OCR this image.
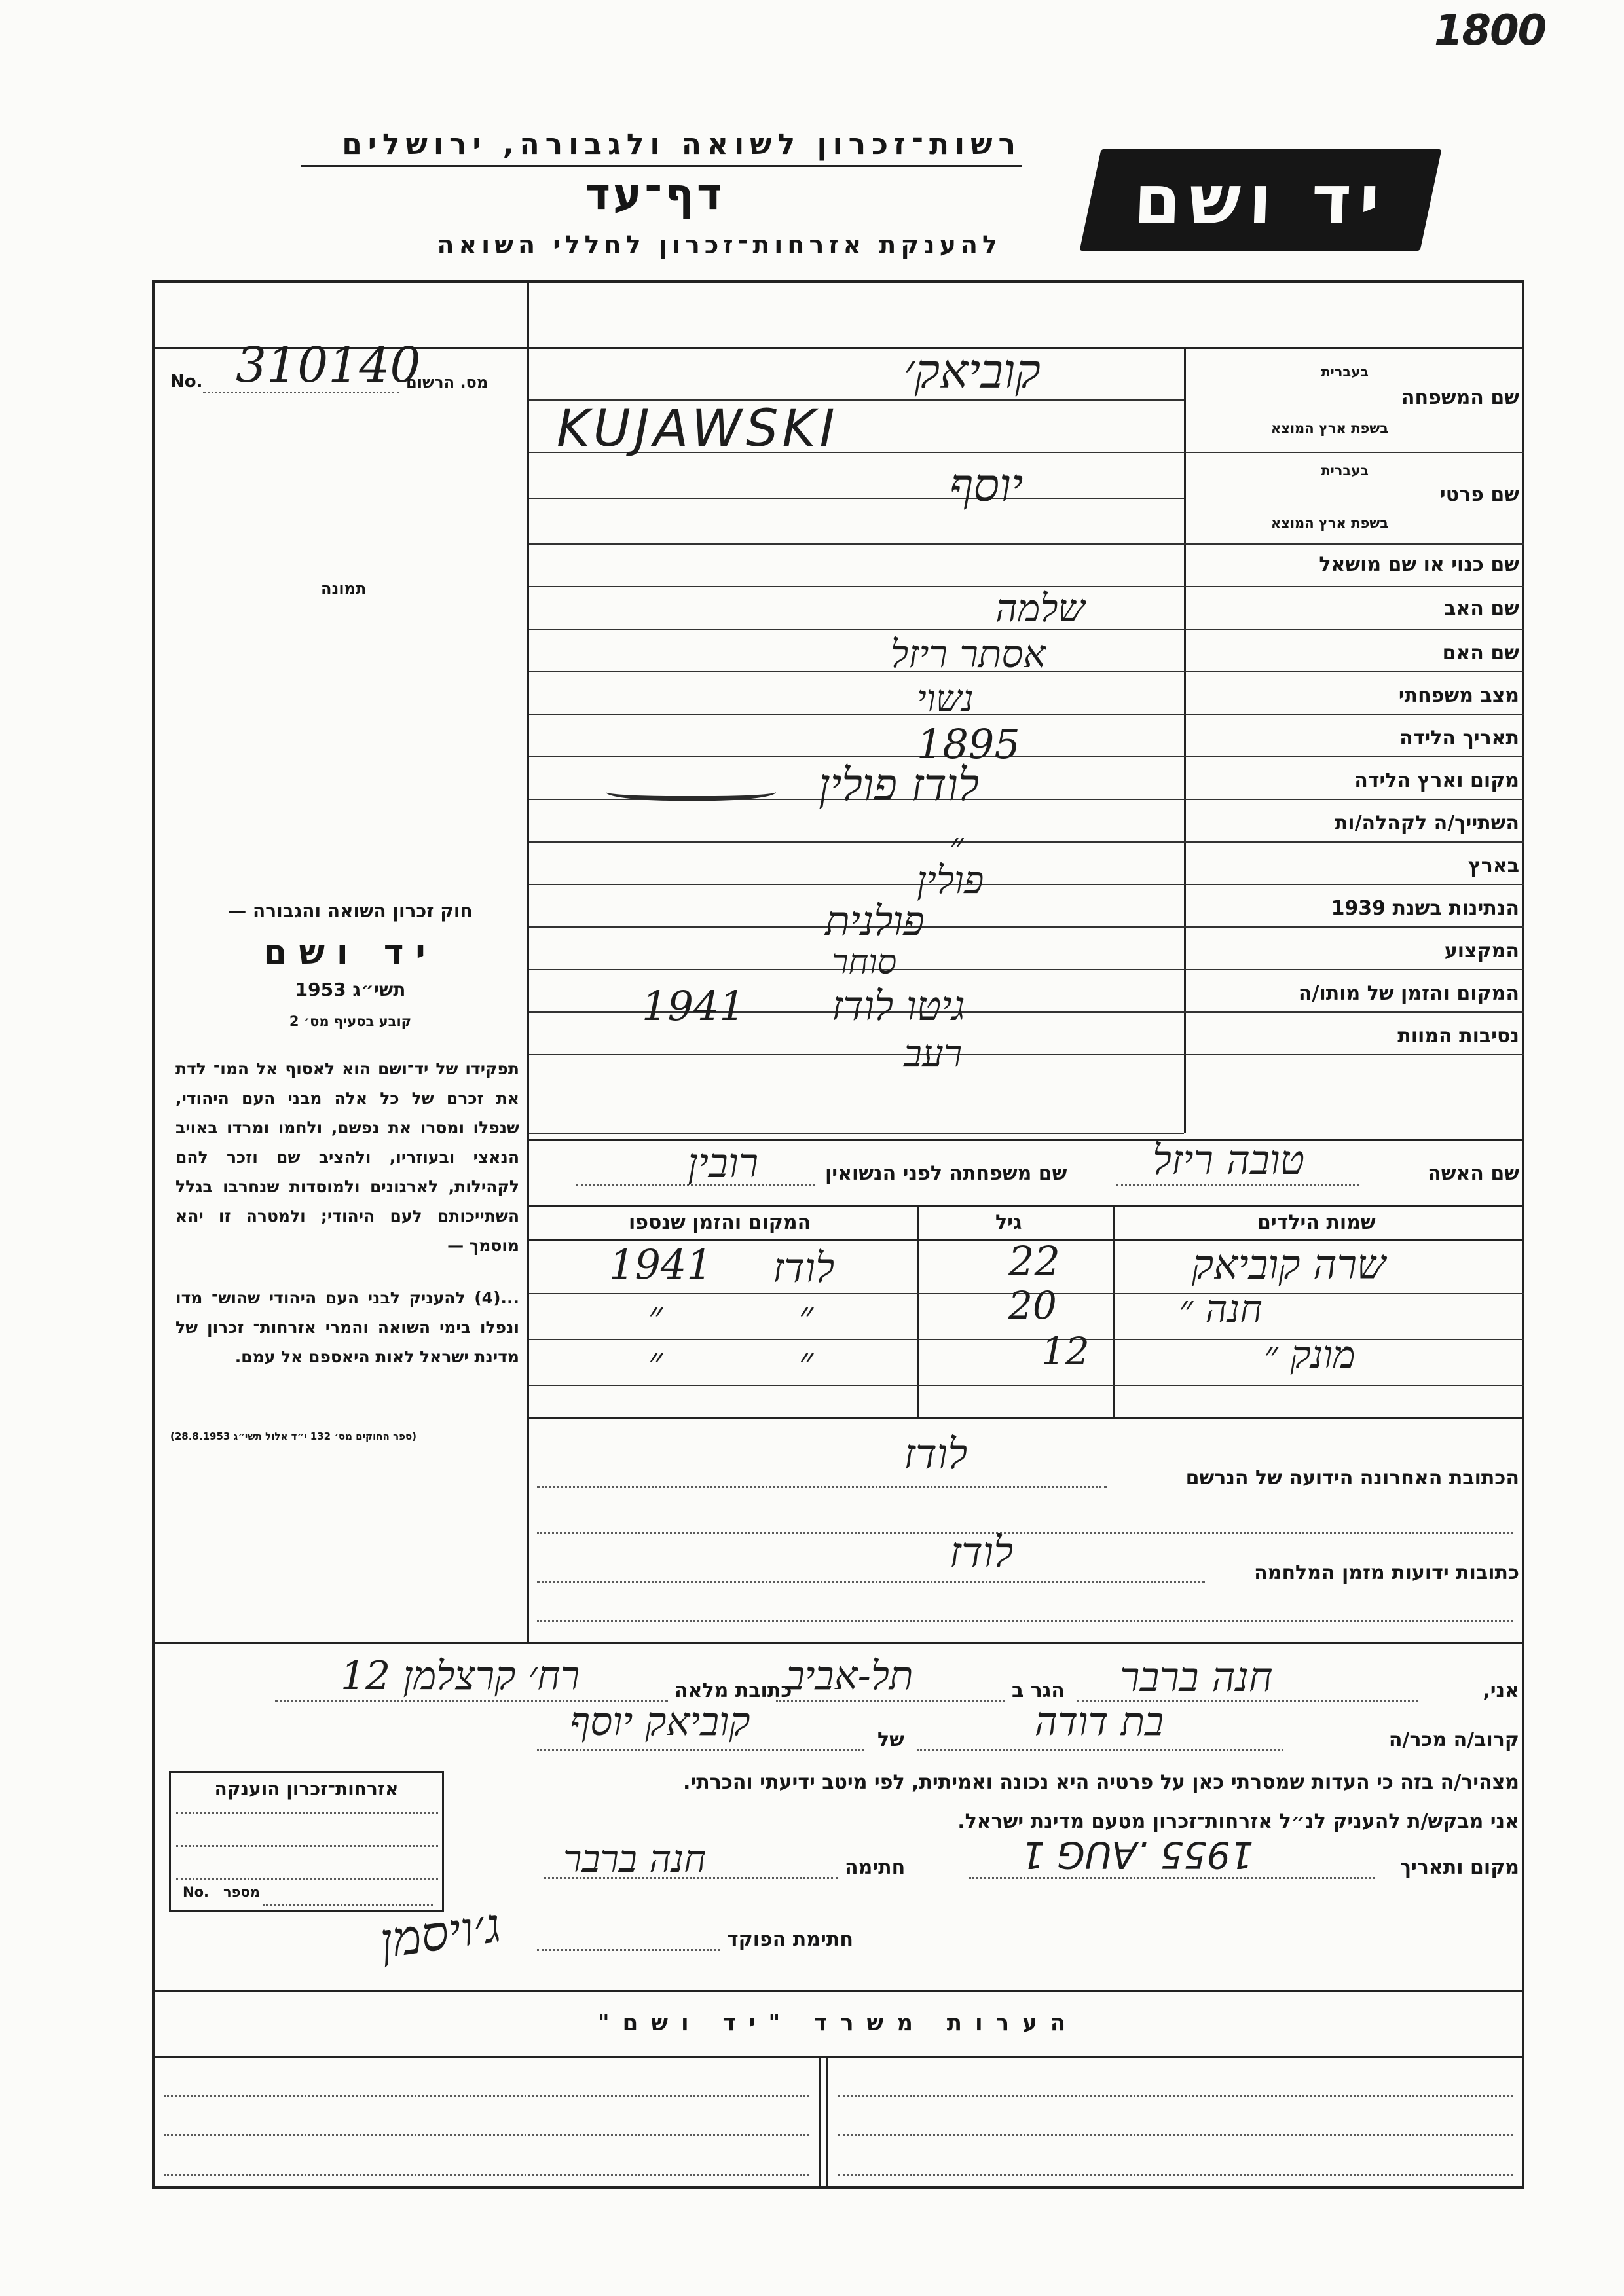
1800
רשות־זכרון לשואה ולגבורה, ירושלים
דף־עד
להענקת אזרחות־זכרון לחללי השואה
יד ושם
מס. הרשום
No. 310140
תמונה
שם המשפחה
בעברית
בשפת ארץ המוצא
שם פרטי
בעברית
בשפת ארץ המוצא
שם כנוי או שם מושאל
שם האב
שם האם
מצב משפחתי
תאריך הלידה
מקום וארץ הלידה
השתייך/ה לקהלה/ות
בארץ
הנתינות בשנת 1939
המקצוע
המקום והזמן של מותו/ה
נסיבות המוות
קוביאק׳
KUJAWSKI
יוסף
שלמה
אסתר ריזל
נשוי
1895
לודז פולין
״
פולין
פולנית
סוחר
1941 גיטו לודז
רעב
שם האשה
טובה ריזל
שם משפחתה לפני הנשואין
רובין
שמות הילדים
גיל
המקום והזמן שנספו
שרה קוביאק
22
לודז
1941
חנה ״
20
״
״
מונק ״
12
״
״
חוק זכרון השואה והגבורה —
יד ושם
תשי״ג 1953
קובע בסעיף מס׳ 2
תפקידו של יד־ושם הוא לאסוף אל המו־ לדת את זכרם של כל אלה מבני העם היהודי, שנפלו ומסרו את נפשם, ולחמו ומרדו באויב הנאצי ובעוזריו, ולהציב שם וזכר להם לקהילות, לארגונים ולמוסדות שנחרבו בגלל השתייכותם לעם היהודי; ולמטרה זו יהא מוסמך —
...(4) להעניק לבני העם היהודי שהוש־ מדו ונפלו בימי השואה והמרי אזרחות־ זכרון של מדינת ישראל לאות היאספם אל עמם.
(ספר החוקים מס׳ 132 י״ד אלול תשי״ג 28.8.1953)
הכתובת האחרונה הידועה של הנרשם
לודז
כתובות ידועות מזמן המלחמה
לודז
אני,
חנה ברבר
הגר ב
תל-אביב
כתובת מלאה
רח׳ קרצלמן 12
קרוב/ה מכר/ה
בת דודה
של
קוביאק יוסף
מצהיר/ה בזה כי העדות שמסרתי כאן על פרטיה היא נכונה ואמיתית, לפי מיטב ידיעתי והכרתי.
אני מבקש/ת להעניק לנ״ל אזרחות־זכרון מטעם מדינת ישראל.
מקום ותאריך
1955 .AUG 1
חתימה
חנה ברבר
חתימת הפוקד
ג׳ויסמן
אזרחות־זכרון הוענקה
No. מספר
הערות משרד "יד ושם"
